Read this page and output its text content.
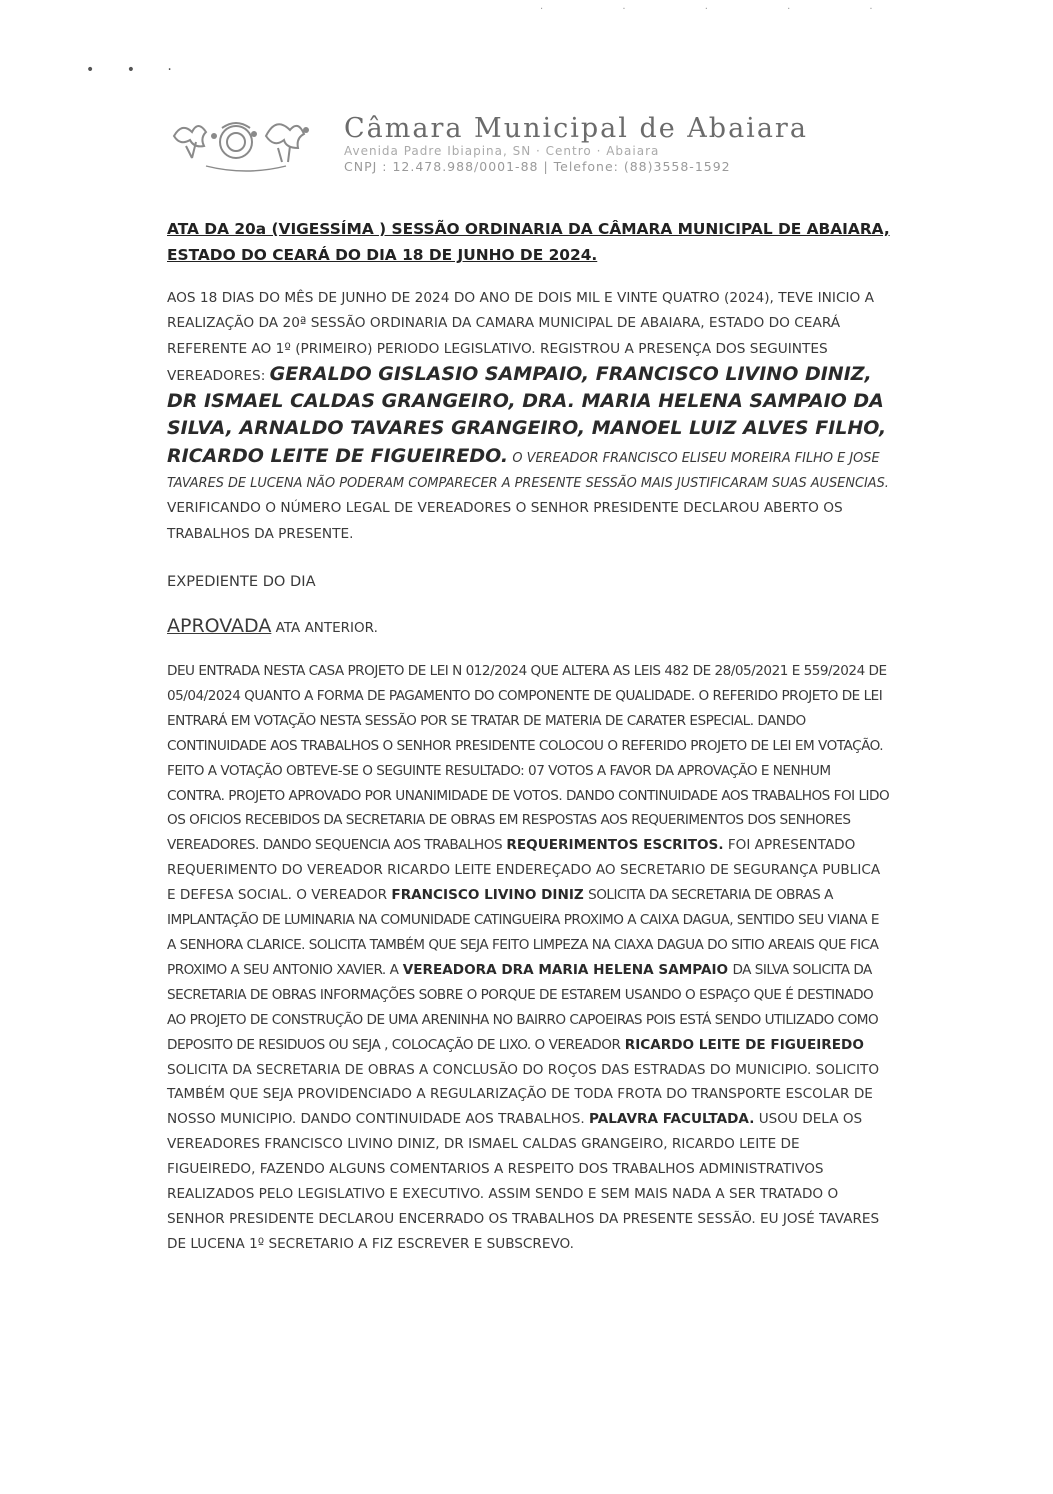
· · · · ·
• • ·
Câmara Municipal de Abaiara
Avenida Padre Ibiapina, SN · Centro · Abaiara
CNPJ : 12.478.988/0001-88 | Telefone: (88)3558-1592

ATA DA 20a (VIGESSÍMA ) SESSÃO ORDINARIA DA CÂMARA MUNICIPAL DE ABAIARA, ESTADO DO CEARÁ DO DIA 18 DE JUNHO DE 2024.

AOS 18 DIAS DO MÊS DE JUNHO DE 2024 DO ANO DE DOIS MIL E VINTE QUATRO (2024), TEVE INICIO A REALIZAÇÃO DA 20ª SESSÃO ORDINARIA DA CAMARA MUNICIPAL DE ABAIARA, ESTADO DO CEARÁ REFERENTE AO 1º (PRIMEIRO) PERIODO LEGISLATIVO. REGISTROU A PRESENÇA DOS SEGUINTES VEREADORES: GERALDO GISLASIO SAMPAIO, FRANCISCO LIVINO DINIZ, DR ISMAEL CALDAS GRANGEIRO, DRA. MARIA HELENA SAMPAIO DA SILVA, ARNALDO TAVARES GRANGEIRO, MANOEL LUIZ ALVES FILHO, RICARDO LEITE DE FIGUEIREDO. O VEREADOR FRANCISCO ELISEU MOREIRA FILHO E JOSE TAVARES DE LUCENA NÃO PODERAM COMPARECER A PRESENTE SESSÃO MAIS JUSTIFICARAM SUAS AUSENCIAS. VERIFICANDO O NÚMERO LEGAL DE VEREADORES O SENHOR PRESIDENTE DECLAROU ABERTO OS TRABALHOS DA PRESENTE.

EXPEDIENTE DO DIA

APROVADA ATA ANTERIOR.

DEU ENTRADA NESTA CASA PROJETO DE LEI N 012/2024 QUE ALTERA AS LEIS 482 DE 28/05/2021 E 559/2024 DE 05/04/2024 QUANTO A FORMA DE PAGAMENTO DO COMPONENTE DE QUALIDADE. O REFERIDO PROJETO DE LEI ENTRARÁ EM VOTAÇÃO NESTA SESSÃO POR SE TRATAR DE MATERIA DE CARATER ESPECIAL. DANDO CONTINUIDADE AOS TRABALHOS O SENHOR PRESIDENTE COLOCOU O REFERIDO PROJETO DE LEI EM VOTAÇÃO. FEITO A VOTAÇÃO OBTEVE-SE O SEGUINTE RESULTADO: 07 VOTOS A FAVOR DA APROVAÇÃO E NENHUM CONTRA. PROJETO APROVADO POR UNANIMIDADE DE VOTOS. DANDO CONTINUIDADE AOS TRABALHOS FOI LIDO OS OFICIOS RECEBIDOS DA SECRETARIA DE OBRAS EM RESPOSTAS AOS REQUERIMENTOS DOS SENHORES VEREADORES. DANDO SEQUENCIA AOS TRABALHOS REQUERIMENTOS ESCRITOS. FOI APRESENTADO REQUERIMENTO DO VEREADOR RICARDO LEITE ENDEREÇADO AO SECRETARIO DE SEGURANÇA PUBLICA E DEFESA SOCIAL. O VEREADOR FRANCISCO LIVINO DINIZ SOLICITA DA SECRETARIA DE OBRAS A IMPLANTAÇÃO DE LUMINARIA NA COMUNIDADE CATINGUEIRA PROXIMO A CAIXA DAGUA, SENTIDO SEU VIANA E A SENHORA CLARICE. SOLICITA TAMBÉM QUE SEJA FEITO LIMPEZA NA CIAXA DAGUA DO SITIO AREAIS QUE FICA PROXIMO A SEU ANTONIO XAVIER. A VEREADORA DRA MARIA HELENA SAMPAIO DA SILVA SOLICITA DA SECRETARIA DE OBRAS INFORMAÇÕES SOBRE O PORQUE DE ESTAREM USANDO O ESPAÇO QUE É DESTINADO AO PROJETO DE CONSTRUÇÃO DE UMA ARENINHA NO BAIRRO CAPOEIRAS POIS ESTÁ SENDO UTILIZADO COMO DEPOSITO DE RESIDUOS OU SEJA , COLOCAÇÃO DE LIXO. O VEREADOR RICARDO LEITE DE FIGUEIREDO SOLICITA DA SECRETARIA DE OBRAS A CONCLUSÃO DO ROÇOS DAS ESTRADAS DO MUNICIPIO. SOLICITO TAMBÉM QUE SEJA PROVIDENCIADO A REGULARIZAÇÃO DE TODA FROTA DO TRANSPORTE ESCOLAR DE NOSSO MUNICIPIO. DANDO CONTINUIDADE AOS TRABALHOS. PALAVRA FACULTADA. USOU DELA OS VEREADORES FRANCISCO LIVINO DINIZ, DR ISMAEL CALDAS GRANGEIRO, RICARDO LEITE DE FIGUEIREDO, FAZENDO ALGUNS COMENTARIOS A RESPEITO DOS TRABALHOS ADMINISTRATIVOS REALIZADOS PELO LEGISLATIVO E EXECUTIVO. ASSIM SENDO E SEM MAIS NADA A SER TRATADO O SENHOR PRESIDENTE DECLAROU ENCERRADO OS TRABALHOS DA PRESENTE SESSÃO. EU JOSÉ TAVARES DE LUCENA 1º SECRETARIO A FIZ ESCREVER E SUBSCREVO.
